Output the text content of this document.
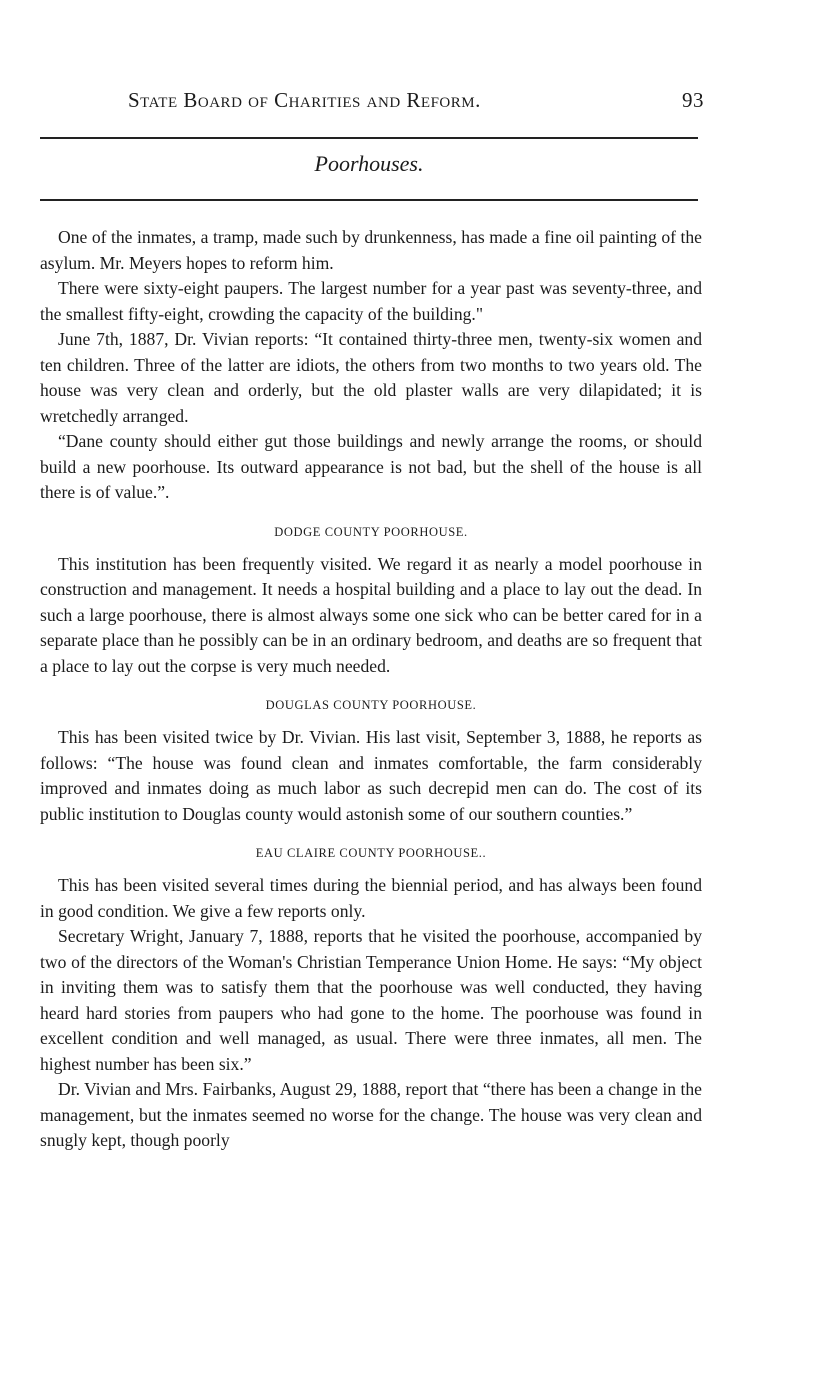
State Board of Charities and Reform.	93
Poorhouses.

One of the inmates, a tramp, made such by drunkenness, has made a fine oil painting of the asylum. Mr. Meyers hopes to reform him.

There were sixty-eight paupers. The largest number for a year past was seventy-three, and the smallest fifty-eight, crowding the capacity of the building."

June 7th, 1887, Dr. Vivian reports: “It contained thirty-three men, twenty-six women and ten children. Three of the latter are idiots, the others from two months to two years old. The house was very clean and orderly, but the old plaster walls are very dilapidated; it is wretchedly arranged.

“Dane county should either gut those buildings and newly arrange the rooms, or should build a new poorhouse. Its outward appearance is not bad, but the shell of the house is all there is of value.”.

DODGE COUNTY POORHOUSE.

This institution has been frequently visited. We regard it as nearly a model poorhouse in construction and management. It needs a hospital building and a place to lay out the dead. In such a large poorhouse, there is almost always some one sick who can be better cared for in a separate place than he possibly can be in an ordinary bedroom, and deaths are so frequent that a place to lay out the corpse is very much needed.

DOUGLAS COUNTY POORHOUSE.

This has been visited twice by Dr. Vivian. His last visit, September 3, 1888, he reports as follows: “The house was found clean and inmates comfortable, the farm considerably improved and inmates doing as much labor as such decrepid men can do. The cost of its public institution to Douglas county would astonish some of our southern counties.”

EAU CLAIRE COUNTY POORHOUSE..

This has been visited several times during the biennial period, and has always been found in good condition. We give a few reports only.

Secretary Wright, January 7, 1888, reports that he visited the poorhouse, accompanied by two of the directors of the Woman's Christian Temperance Union Home. He says: “My object in inviting them was to satisfy them that the poorhouse was well conducted, they having heard hard stories from paupers who had gone to the home. The poorhouse was found in excellent condition and well managed, as usual. There were three inmates, all men. The highest number has been six.”

Dr. Vivian and Mrs. Fairbanks, August 29, 1888, report that “there has been a change in the management, but the inmates seemed no worse for the change. The house was very clean and snugly kept, though poorly
